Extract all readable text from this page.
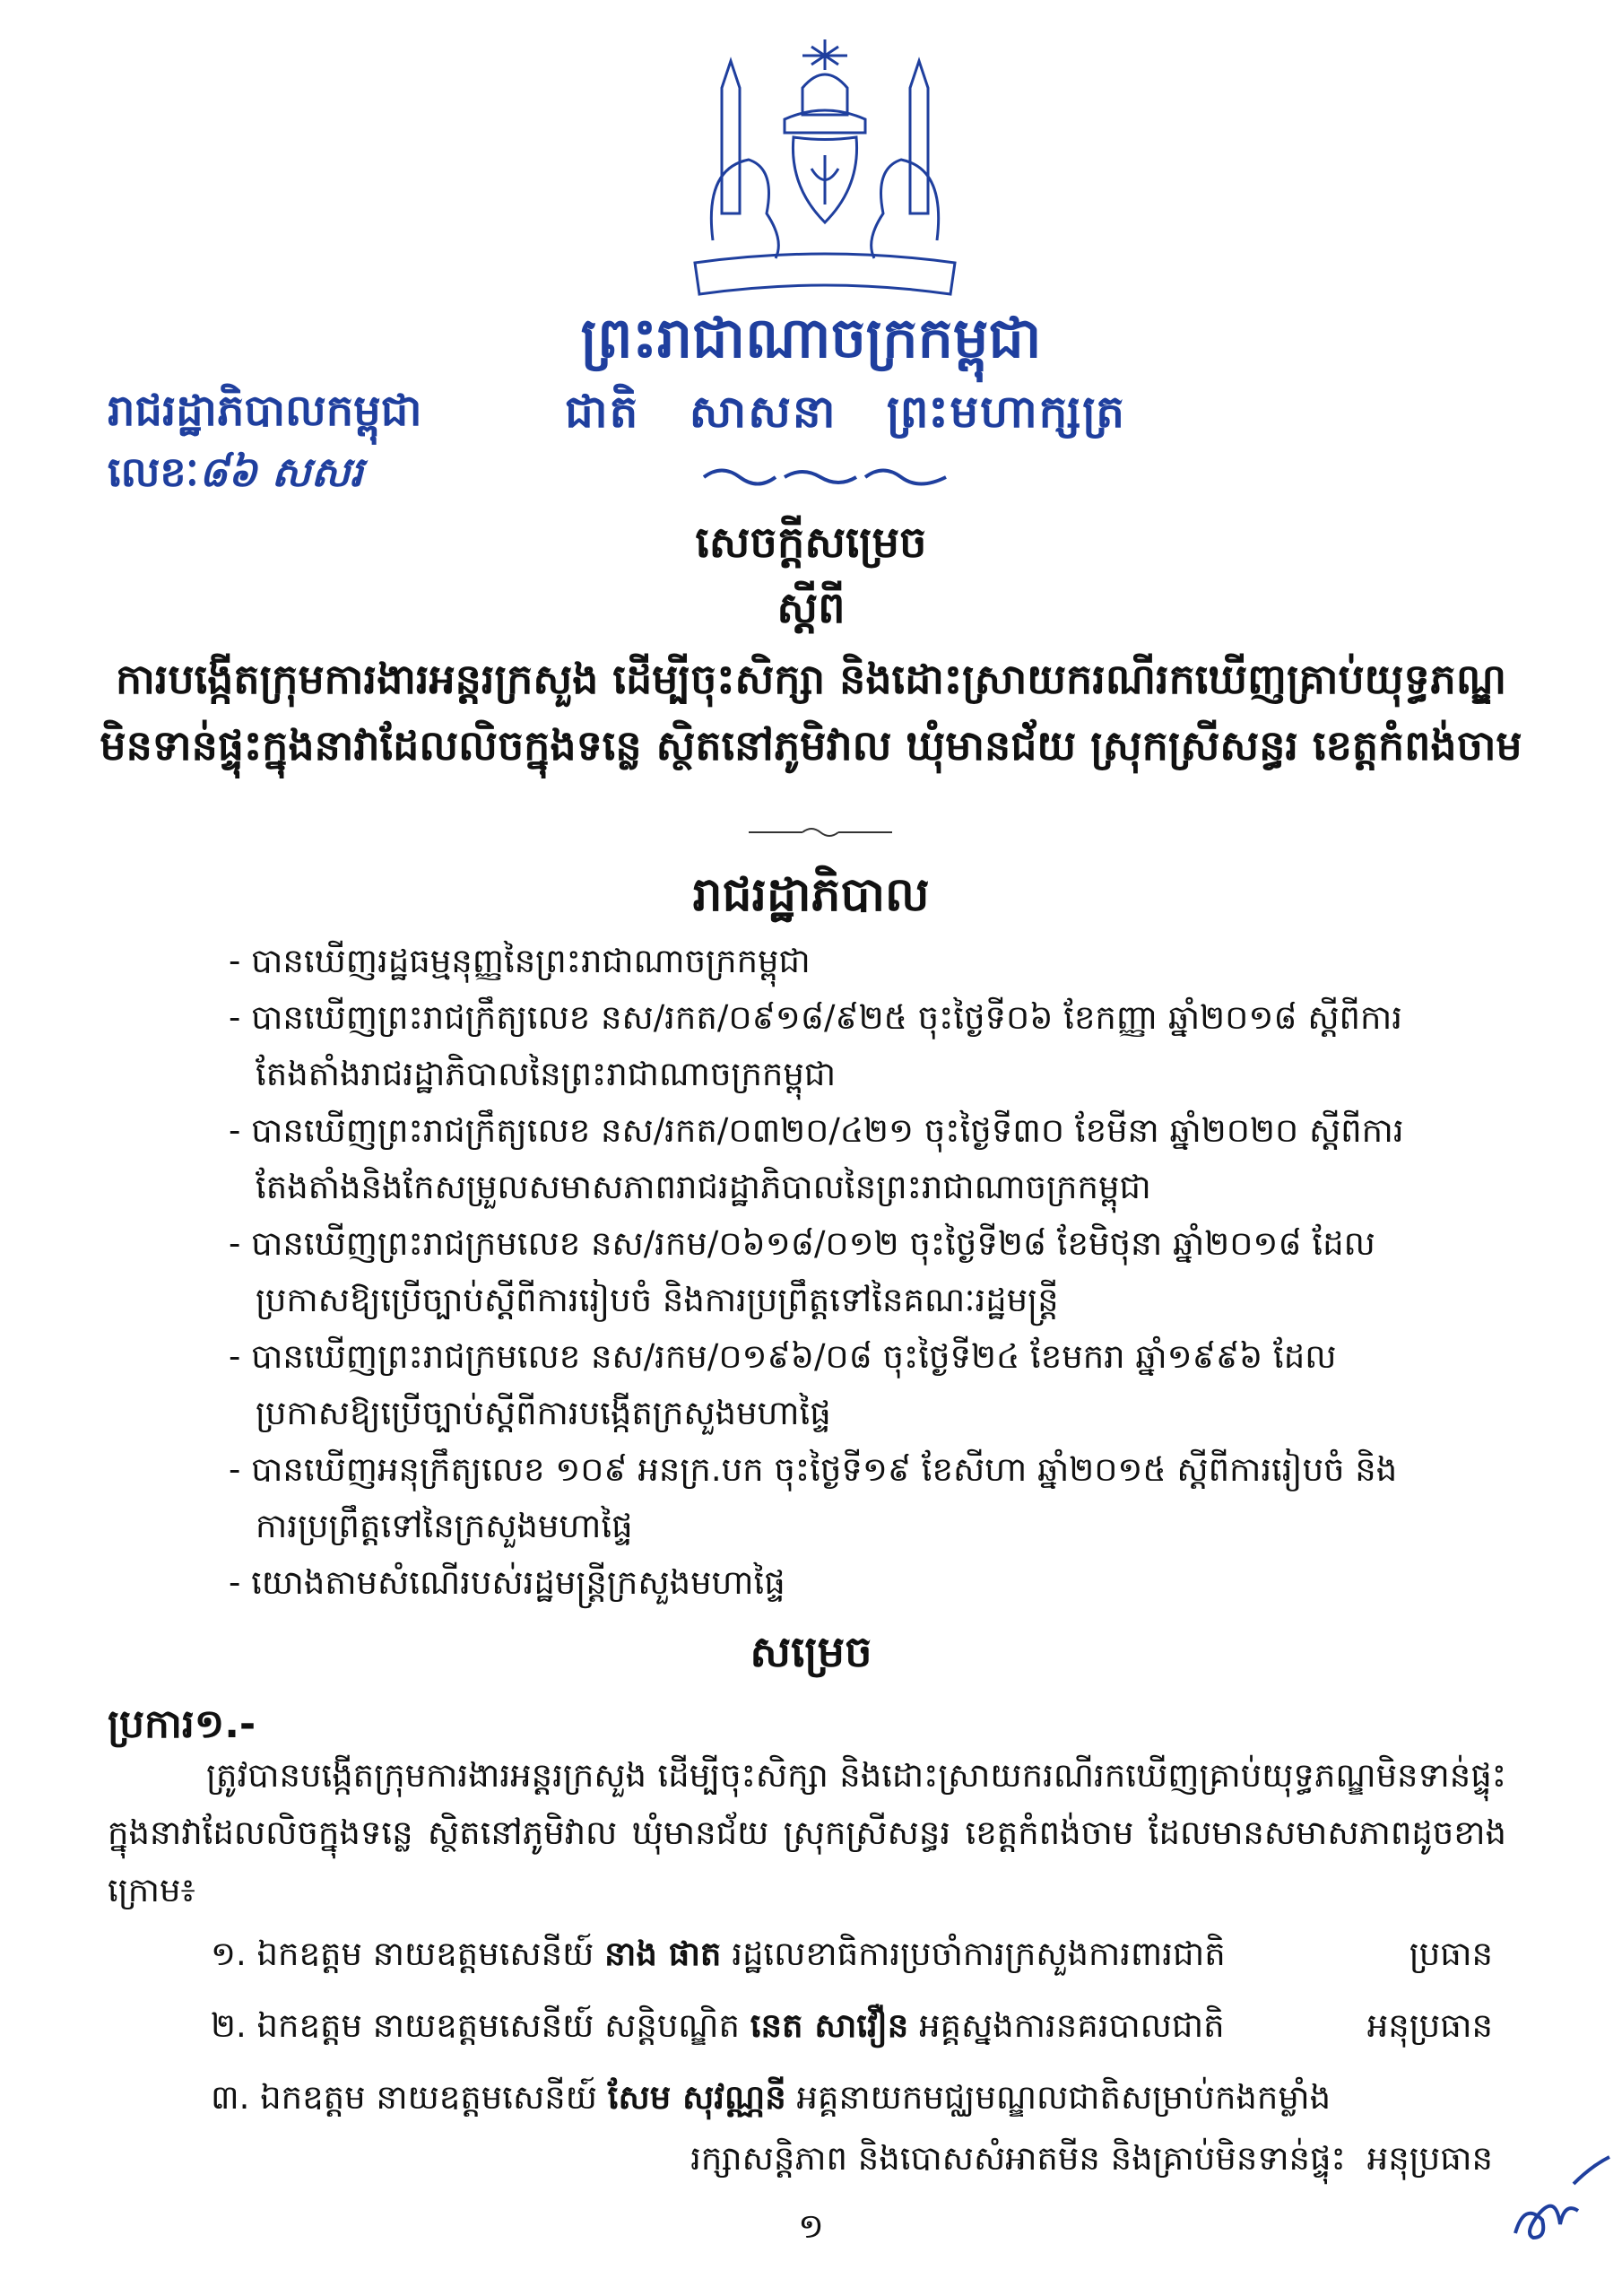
ព្រះរាជាណាចក្រកម្ពុជា
រាជរដ្ឋាភិបាលកម្ពុជា	ជាតិ សាសនា ព្រះមហាក្សត្រ
លេខៈ៨៦ សសរ
សេចក្តីសម្រេច
ស្តីពី
ការបង្កើតក្រុមការងារអន្តរក្រសួង ដើម្បីចុះសិក្សា និងដោះស្រាយករណីរកឃើញគ្រាប់យុទ្ធភណ្ឌមិនទាន់ផ្ទុះក្នុងនាវាដែលលិចក្នុងទន្លេ ស្ថិតនៅភូមិវាល ឃុំមានជ័យ ស្រុកស្រីសន្ធរ ខេត្តកំពង់ចាម
រាជរដ្ឋាភិបាល
- បានឃើញរដ្ឋធម្មនុញ្ញនៃព្រះរាជាណាចក្រកម្ពុជា
- បានឃើញព្រះរាជក្រឹត្យលេខ នស/រកត/០៩១៨/៩២៥ ចុះថ្ងៃទី០៦ ខែកញ្ញា ឆ្នាំ២០១៨ ស្តីពីការតែងតាំងរាជរដ្ឋាភិបាលនៃព្រះរាជាណាចក្រកម្ពុជា
- បានឃើញព្រះរាជក្រឹត្យលេខ នស/រកត/០៣២០/៤២១ ចុះថ្ងៃទី៣០ ខែមីនា ឆ្នាំ២០២០ ស្តីពីការតែងតាំងនិងកែសម្រួលសមាសភាពរាជរដ្ឋាភិបាលនៃព្រះរាជាណាចក្រកម្ពុជា
- បានឃើញព្រះរាជក្រមលេខ នស/រកម/០៦១៨/០១២ ចុះថ្ងៃទី២៨ ខែមិថុនា ឆ្នាំ២០១៨ ដែលប្រកាសឱ្យប្រើច្បាប់ស្តីពីការរៀបចំ និងការប្រព្រឹត្តទៅនៃគណៈរដ្ឋមន្ត្រី
- បានឃើញព្រះរាជក្រមលេខ នស/រកម/០១៩៦/០៨ ចុះថ្ងៃទី២៤ ខែមករា ឆ្នាំ១៩៩៦ ដែលប្រកាសឱ្យប្រើច្បាប់ស្តីពីការបង្កើតក្រសួងមហាផ្ទៃ
- បានឃើញអនុក្រឹត្យលេខ ១០៩ អនក្រ.បក ចុះថ្ងៃទី១៩ ខែសីហា ឆ្នាំ២០១៥ ស្តីពីការរៀបចំ និងការប្រព្រឹត្តទៅនៃក្រសួងមហាផ្ទៃ
- យោងតាមសំណើរបស់រដ្ឋមន្ត្រីក្រសួងមហាផ្ទៃ
សម្រេច
ប្រការ១.-
ត្រូវបានបង្កើតក្រុមការងារអន្តរក្រសួង ដើម្បីចុះសិក្សា និងដោះស្រាយករណីរកឃើញគ្រាប់យុទ្ធភណ្ឌមិនទាន់ផ្ទុះក្នុងនាវាដែលលិចក្នុងទន្លេ ស្ថិតនៅភូមិវាល ឃុំមានជ័យ ស្រុកស្រីសន្ធរ ខេត្តកំពង់ចាម ដែលមានសមាសភាពដូចខាងក្រោម៖
១. ឯកឧត្តម នាយឧត្តមសេនីយ៍ នាង ផាត រដ្ឋលេខាធិការប្រចាំការក្រសួងការពារជាតិ	ប្រធាន
២. ឯកឧត្តម នាយឧត្តមសេនីយ៍ សន្តិបណ្ឌិត នេត សាវឿន អគ្គស្នងការនគរបាលជាតិ	អនុប្រធាន
៣. ឯកឧត្តម នាយឧត្តមសេនីយ៍ សែម សុវណ្ណនី អគ្គនាយកមជ្ឈមណ្ឌលជាតិសម្រាប់កងកម្លាំង
រក្សាសន្តិភាព និងបោសសំអាតមីន និងគ្រាប់មិនទាន់ផ្ទុះ អនុប្រធាន
១
